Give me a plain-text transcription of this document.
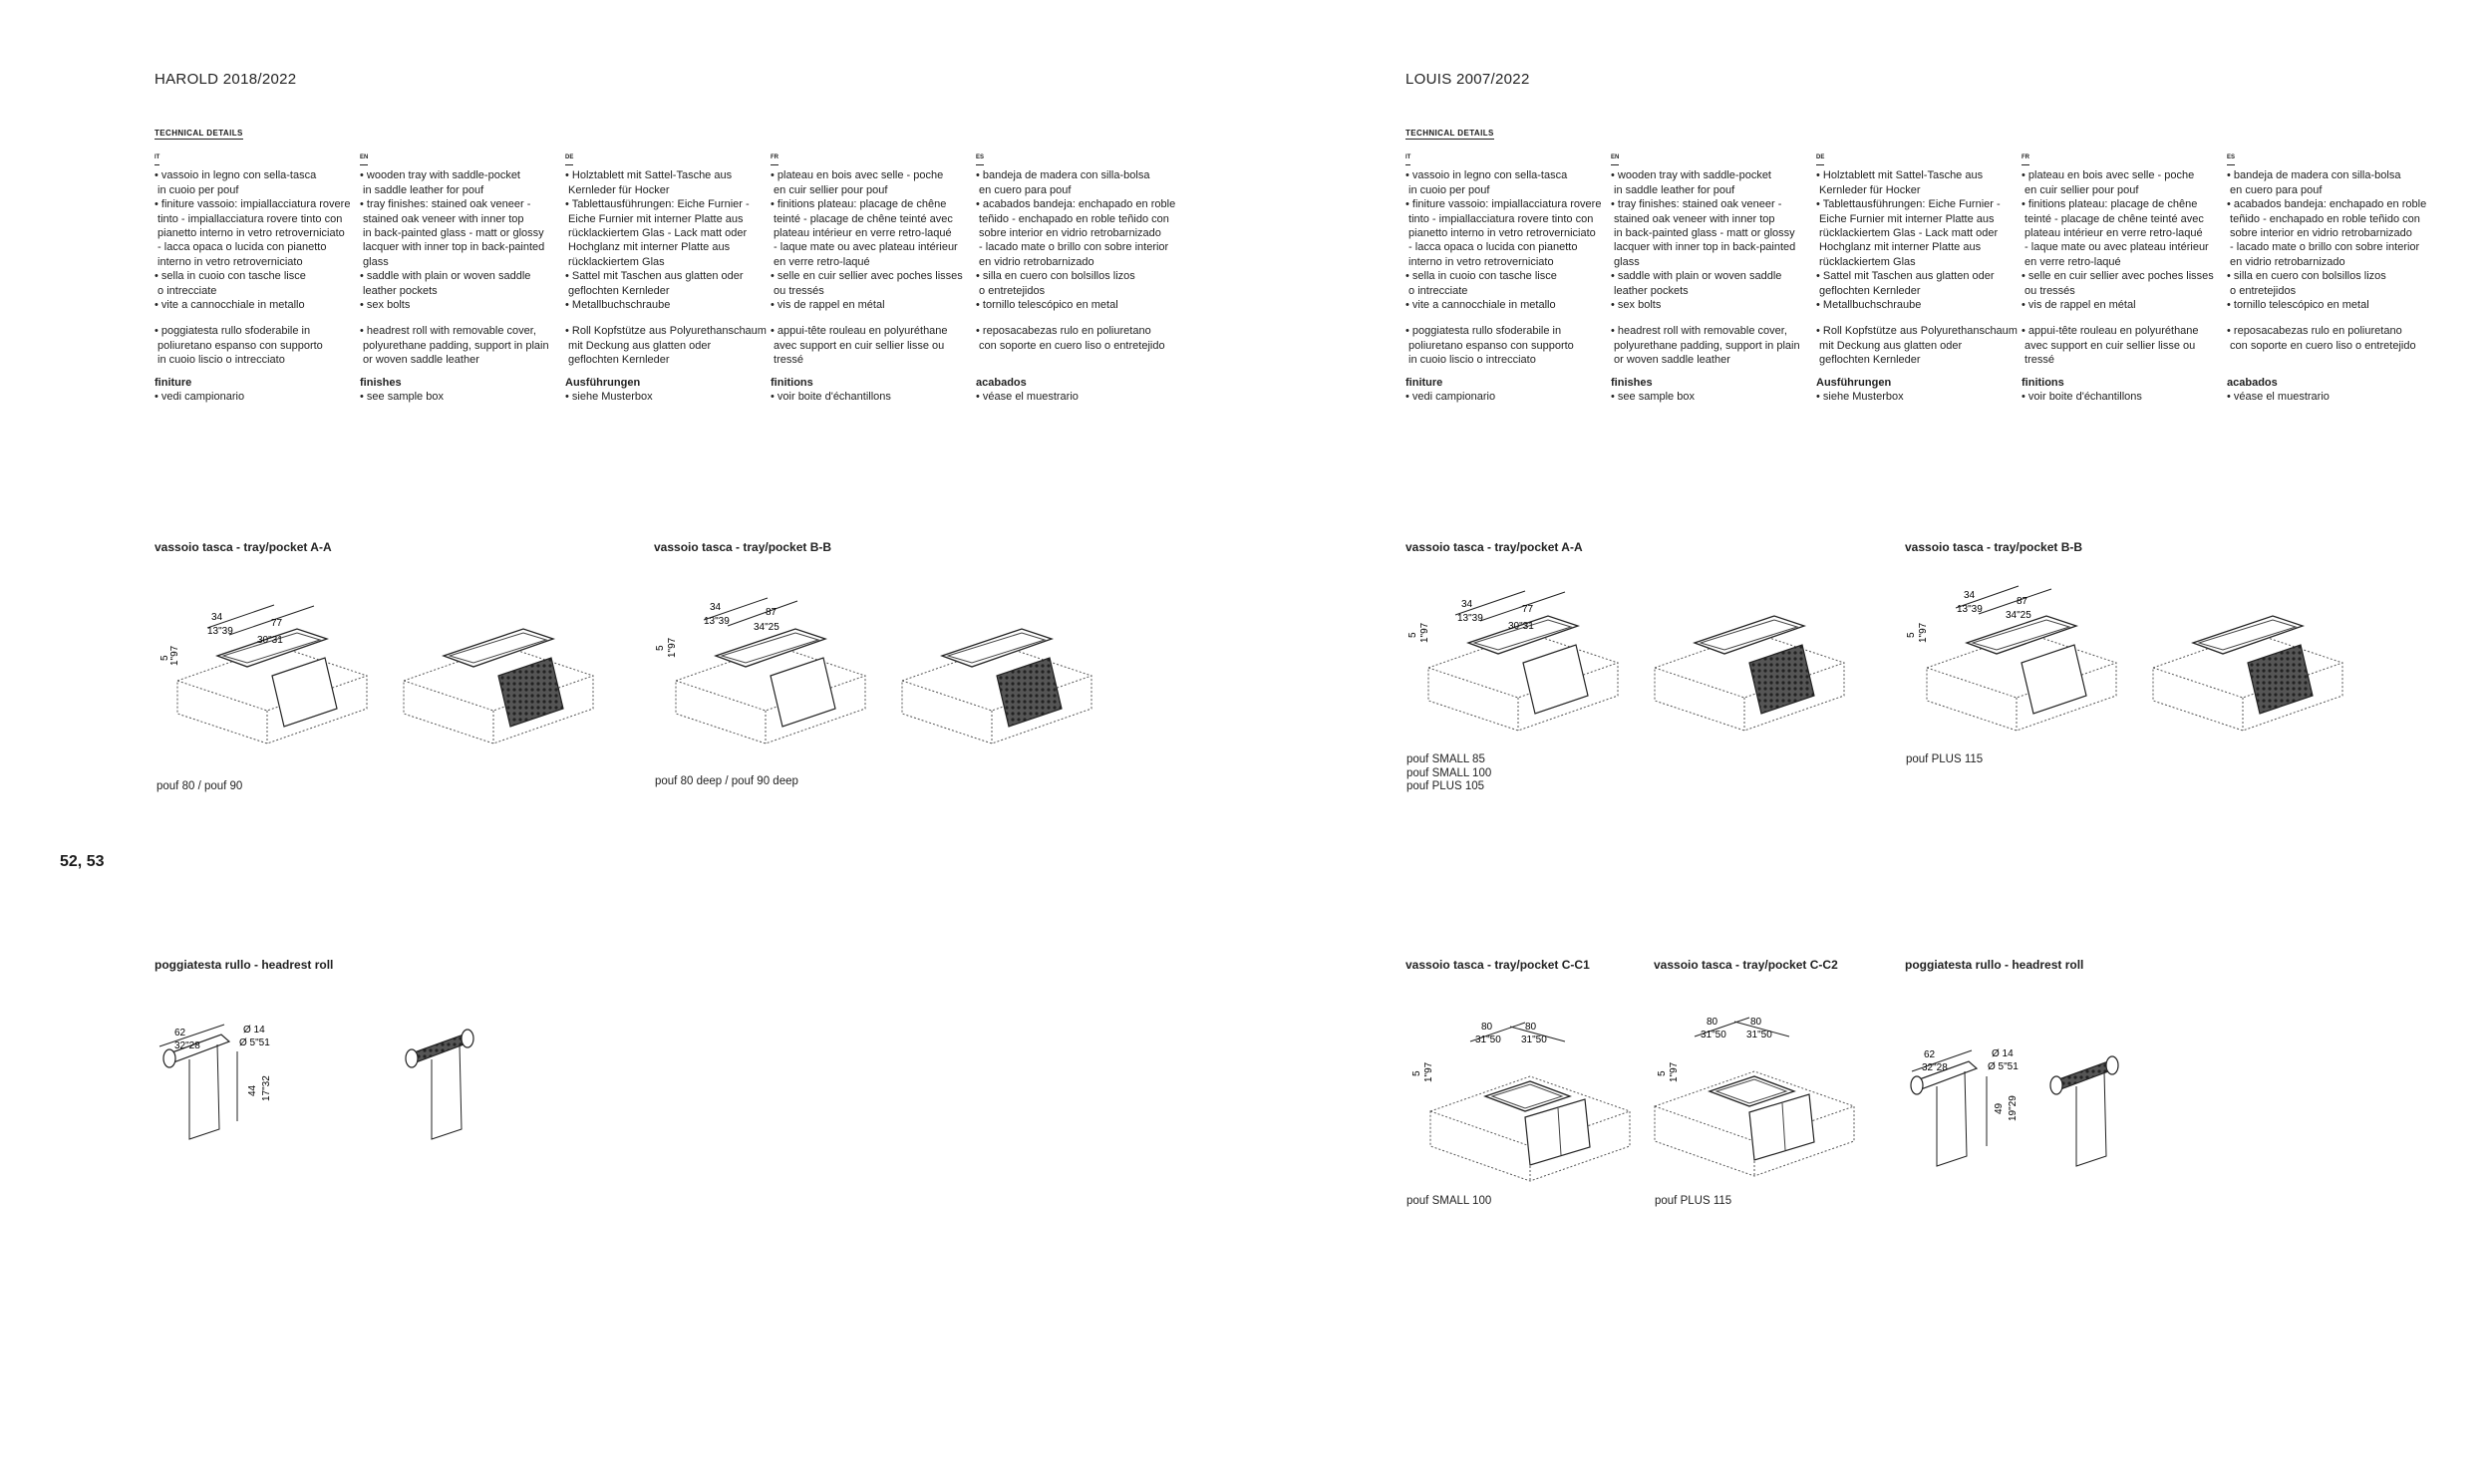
52, 53
HAROLD 2018/2022
TECHNICAL DETAILS
IT
• vassoio in legno con sella-tasca
in cuoio per pouf
• finiture vassoio: impiallacciatura rovere
tinto - impiallacciatura rovere tinto con
pianetto interno in vetro retroverniciato
- lacca opaca o lucida con pianetto
interno in vetro retroverniciato
• sella in cuoio con tasche lisce
o intrecciate
• vite a cannocchiale in metallo
• poggiatesta rullo sfoderabile in
poliuretano espanso con supporto
in cuoio liscio o intrecciato
finiture
• vedi campionario
EN
• wooden tray with saddle-pocket
in saddle leather for pouf
• tray finishes: stained oak veneer -
stained oak veneer with inner top
in back-painted glass - matt or glossy
lacquer with inner top in back-painted
glass
• saddle with plain or woven saddle
leather pockets
• sex bolts
• headrest roll with removable cover,
polyurethane padding, support in plain
or woven saddle leather
finishes
• see sample box
DE
• Holztablett mit Sattel-Tasche aus
Kernleder für Hocker
• Tablettausführungen: Eiche Furnier -
Eiche Furnier mit interner Platte aus
rücklackiertem Glas - Lack matt oder
Hochglanz mit interner Platte aus
rücklackiertem Glas
• Sattel mit Taschen aus glatten oder
geflochten Kernleder
• Metallbuchschraube
• Roll Kopfstütze aus Polyurethanschaum
mit Deckung aus glatten oder
geflochten Kernleder
Ausführungen
• siehe Musterbox
FR
• plateau en bois avec selle - poche
en cuir sellier pour pouf
• finitions plateau: placage de chêne
teinté - placage de chêne teinté avec
plateau intérieur en verre retro-laqué
- laque mate ou avec plateau intérieur
en verre retro-laqué
• selle en cuir sellier avec poches lisses
ou tressés
• vis de rappel en métal
• appui-tête rouleau en polyuréthane
avec support en cuir sellier lisse ou
tressé
finitions
• voir boite d'échantillons
ES
• bandeja de madera con silla-bolsa
en cuero para pouf
• acabados bandeja: enchapado en roble
teñido - enchapado en roble teñido con
sobre interior en vidrio retrobarnizado
- lacado mate o brillo con sobre interior
en vidrio retrobarnizado
• silla en cuero con bolsillos lizos
o entretejidos
• tornillo telescópico en metal
• reposacabezas rulo en poliuretano
con soporte en cuero liso o entretejido
acabados
• véase el muestrario
vassoio tasca - tray/pocket A-A	vassoio tasca - tray/pocket B-B
poggiatesta rullo - headrest roll
pouf 80 / pouf 90	pouf 80 deep / pouf 90 deep
LOUIS 2007/2022
TECHNICAL DETAILS
IT
• vassoio in legno con sella-tasca
in cuoio per pouf
• finiture vassoio: impiallacciatura rovere
tinto - impiallacciatura rovere tinto con
pianetto interno in vetro retroverniciato
- lacca opaca o lucida con pianetto
interno in vetro retroverniciato
• sella in cuoio con tasche lisce
o intrecciate
• vite a cannocchiale in metallo
• poggiatesta rullo sfoderabile in
poliuretano espanso con supporto
in cuoio liscio o intrecciato
finiture
• vedi campionario
EN
• wooden tray with saddle-pocket
in saddle leather for pouf
• tray finishes: stained oak veneer -
stained oak veneer with inner top
in back-painted glass - matt or glossy
lacquer with inner top in back-painted
glass
• saddle with plain or woven saddle
leather pockets
• sex bolts
• headrest roll with removable cover,
polyurethane padding, support in plain
or woven saddle leather
finishes
• see sample box
DE
• Holztablett mit Sattel-Tasche aus
Kernleder für Hocker
• Tablettausführungen: Eiche Furnier -
Eiche Furnier mit interner Platte aus
rücklackiertem Glas - Lack matt oder
Hochglanz mit interner Platte aus
rücklackiertem Glas
• Sattel mit Taschen aus glatten oder
geflochten Kernleder
• Metallbuchschraube
• Roll Kopfstütze aus Polyurethanschaum
mit Deckung aus glatten oder
geflochten Kernleder
Ausführungen
• siehe Musterbox
FR
• plateau en bois avec selle - poche
en cuir sellier pour pouf
• finitions plateau: placage de chêne
teinté - placage de chêne teinté avec
plateau intérieur en verre retro-laqué
- laque mate ou avec plateau intérieur
en verre retro-laqué
• selle en cuir sellier avec poches lisses
ou tressés
• vis de rappel en métal
• appui-tête rouleau en polyuréthane
avec support en cuir sellier lisse ou
tressé
finitions
• voir boite d'échantillons
ES
• bandeja de madera con silla-bolsa
en cuero para pouf
• acabados bandeja: enchapado en roble
teñido - enchapado en roble teñido con
sobre interior en vidrio retrobarnizado
- lacado mate o brillo con sobre interior
en vidrio retrobarnizado
• silla en cuero con bolsillos lizos
o entretejidos
• tornillo telescópico en metal
• reposacabezas rulo en poliuretano
con soporte en cuero liso o entretejido
acabados
• véase el muestrario
vassoio tasca - tray/pocket A-A	vassoio tasca - tray/pocket B-B
vassoio tasca - tray/pocket C-C1	vassoio tasca - tray/pocket C-C2	poggiatesta rullo - headrest roll
pouf SMALL 85
pouf SMALL 100
pouf PLUS 105
pouf PLUS 115
pouf SMALL 100	pouf PLUS 115
34
13"39
77
30"31
5 1"97
34
13"39
87
34"25
5 1"97
62
32"28
Ø 14
Ø 5"51
44 17"32
34
13"39
77
30"31
5 1"97
34
13"39
87
34"25
5 1"97
80
31"50
80
31"50
5 1"97
80
31"50
80
31"50
5 1"97
62
32"28
Ø 14
Ø 5"51
49 19"29
